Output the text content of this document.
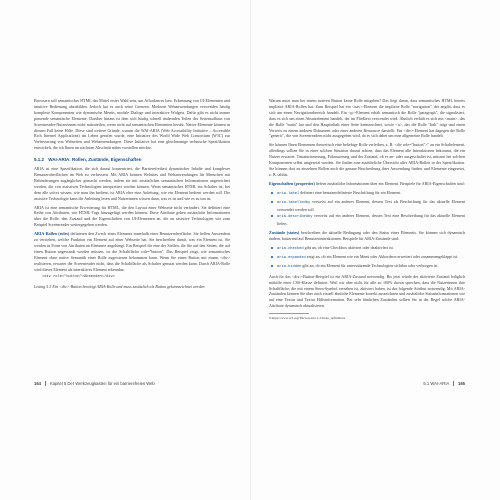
Browsern soll semantisches HTML das Mittel erster Wahl sein, um Affordances bzw. Erkennung von UI-Elementen und intuitive Bedienung abzubilden. Jedoch hat es auch seine Grenzen. Moderne Webanwendungen verwenden häufig komplexe Komponenten wie dynamische Menüs, modale Dialoge und interaktive Widgets. Dafür gibt es nicht immer passende semantische Elemente. Darüber hinaus ist dem sich häufig schnell ändernden Teilen des Seitenaufbaus von Screenreader-Nutzerinnen nicht mitzuteilen, wenn nicht auf semantischen Elementen beruht. Native Elemente können in diesem Fall keine Hilfe. Diese sind weitere Gründe, warum die WAI-ARIA (Web Accessibility Initiative – Accessible Rich Internet Applications) ins Leben gerufen wurde, eine Initiative des World Wide Web Consortium (W3C) zur Verbesserung von Webseiten und Webanwendungen. Diese Initiative hat eine gleichnamige technische Spezifikation entwickelt, die ich Ihnen im nächsten Abschnitt näher vorstellen möchte.

5.1.2 WAI-ARIA: Rollen, Zustände, Eigenschaften

ARIA ist eine Spezifikation, die sich darauf konzentriert, die Barrierefreiheit dynamischer Inhalte und komplexer Benutzeroberflächen im Web zu verbessern. Mit ARIA können Websites und Webanwendungen für Menschen mit Behinderungen zugänglicher gemacht werden, indem sie mit zusätzlichen semantischen Informationen angereichert werden, die von assistiven Technologien interpretiert werden können. Wenn semantisches HTML ein Schalter ist, bei dem alle sofort wissen, wie man ihn bedient, ist ARIA eher eine Anleitung, wie ein Element bedient werden soll. Die assistive Technologie kann die Anleitung lesen und Nutzerinnen wissen dann, was es ist und wie es zu tun ist.

ARIA ist eine semantische Erweiterung für HTML, die den Layout einer Webseite nicht verändert. Sie definiert eine Reihe von Attributen, wie HTML-Tags hinzugefügt werden können. Diese Attribute geben zusätzliche Informationen über die Rolle, den Zustand und die Eigenschaften von UI-Elementen an, die an assistive Technologien wie zum Beispiel Screenreader weitergegeben werden.

ARIA-Rollen (roles) definieren den Zweck eines Elements innerhalb einer Benutzeroberfläche. Sie helfen Anwendern zu verstehen, welche Funktion ein Element auf einer Webseite hat. Sie beschreiben damit, was ein Element ist. Sie werden in Form von Attributen an Elemente angehängt. Ein Beispiel für eine der Stellen, die Sie auf den Seiten, die auf einen Button angewandt werden müssen, ist die Schaltfläche role="button". Das Beispiel zeigt, wie semantisches Element ohne native Semantik einer Rolle zugewiesen bekommen kann. Wenn Sie einen Button mit einem <div> realisieren, erwartet der Screenreader nicht, dass die Schaltfläche als Schalter genutzt werden kann. Durch ARIA-Rolle wird dieses Element als interaktives Element erkennbar.

<div role="button">Absenden</div>
Listing 5.3 Ein <div>-Button benötigt ARIA-Rolle und muss zusätzlich als Button gekennzeichnet werden
164 Kapitel 5 Der Werkzeugkasten für ein barrierefreies Web

Warum nutzt man bei einem nativen Button keine Rolle mitgeben? Das liegt daran, dass semantisches HTML bereits implizite ARIA-Rollen hat. Zum Beispiel hat ein <nav>-Element die implizite Rolle "navigation", der angibt, dass es sich um einen Navigationsbereich handelt. Ein <p>-Element erhält semantisch die Rolle "paragraph", die signalisiert, dass es sich um einen Absatzelement handelt, der im Fließtext verwendet wird. Ähnlich verhält es sich mit <main>, das die Rolle "main" hat und den Hauptinhalt einer Seite kennzeichnet, sowie <a>, das die Rolle "link" trägt und einen Verweis zu einem anderen Dokument oder einer anderen Ressource darstellt. Ein <div>-Element hat dagegen die Rolle "generic", die von Screenreadern nicht ausgegeben wird, da es sich dabei um eine allgemeine Rolle handelt.

Sie können Ihren Elementen theoretisch eine beliebige Rolle verleihen, z. B. <div role="button">" an ein Schaltelement, allerdings sollten Sie in einer solchen Situation darauf achten, dass das Element alle Interaktionen bekommt, die ein Nutzer erwartet. Tastatursteuerung, Fokussierung und der Zustand, ob er an- oder ausgeschaltet ist, müssen bei solchen Komponenten selbst umgesetzt werden. Sie finden eine ausführliche Übersicht aller ARIA-Rollen in der Spezifikation. Sie können dort zu einzelnen Rollen auch die genaue Beschreibung ihrer Anwendung finden, und Elemente eingesetzt, z. B. tablist.

Eigenschaften (properties) liefern zusätzliche Informationen über ein Element. Beispiele für ARIA-Eigenschaften sind:

aria-label definiert eine benutzerdefinierte Beschriftung für ein Element.
aria-labelledby verweist auf ein anderes Element, dessen Text als Beschriftung für das aktuelle Element verwendet werden soll.
aria-describedby verweist auf ein anderes Element, dessen Text eine Beschreibung für das aktuelle Element liefert.

Zustände (states) beschreiben die aktuelle Bedingung oder den Status eines Elements. Sie können sich dynamisch ändern, basierend auf Benutzerinteraktionen. Beispiele für ARIA-Zustände sind:

aria-checked gibt an, ob eine Checkbox aktiviert oder deaktiviert ist.
aria-expanded zeigt an, ob ein Element wie ein Menü oder Akkordeon erweitert oder zusammengeklappt ist.
aria-hidden gibt an, ob ein Element für unterstützende Technologien sichtbar oder verborgen ist.

Auch für das <div>-Button-Beispiel ist ein ARIA-Zustand notwendig. Bis jetzt würde der aktivierte Zustand lediglich mithilfe einer CSS-Klasse definiert. Weil wir aber nicht für alle zu 100% davon sprechen, dass die Nutzerinnen ihre Schaltfläche, die mit einem Stern-Symbol versehen ist, aktiviert haben, ist das folgende Attribut notwendig. Mit ARIA-Zuständen können Sie aber auch visuell ähnliche Elemente korrekt auszeichnen und zusätzliche Statusinformationen wie auf eine Textur und Textur Hilfsinformation. Bei sehr ähnlichen Zuständen sollten Sie in der Regel solche ARIA-Attribute dynamisch aktualisieren.

9 https://www.w3.org/TR/wai-aria-1.2/#role_definitions
5.1 WAI-ARIA 165
